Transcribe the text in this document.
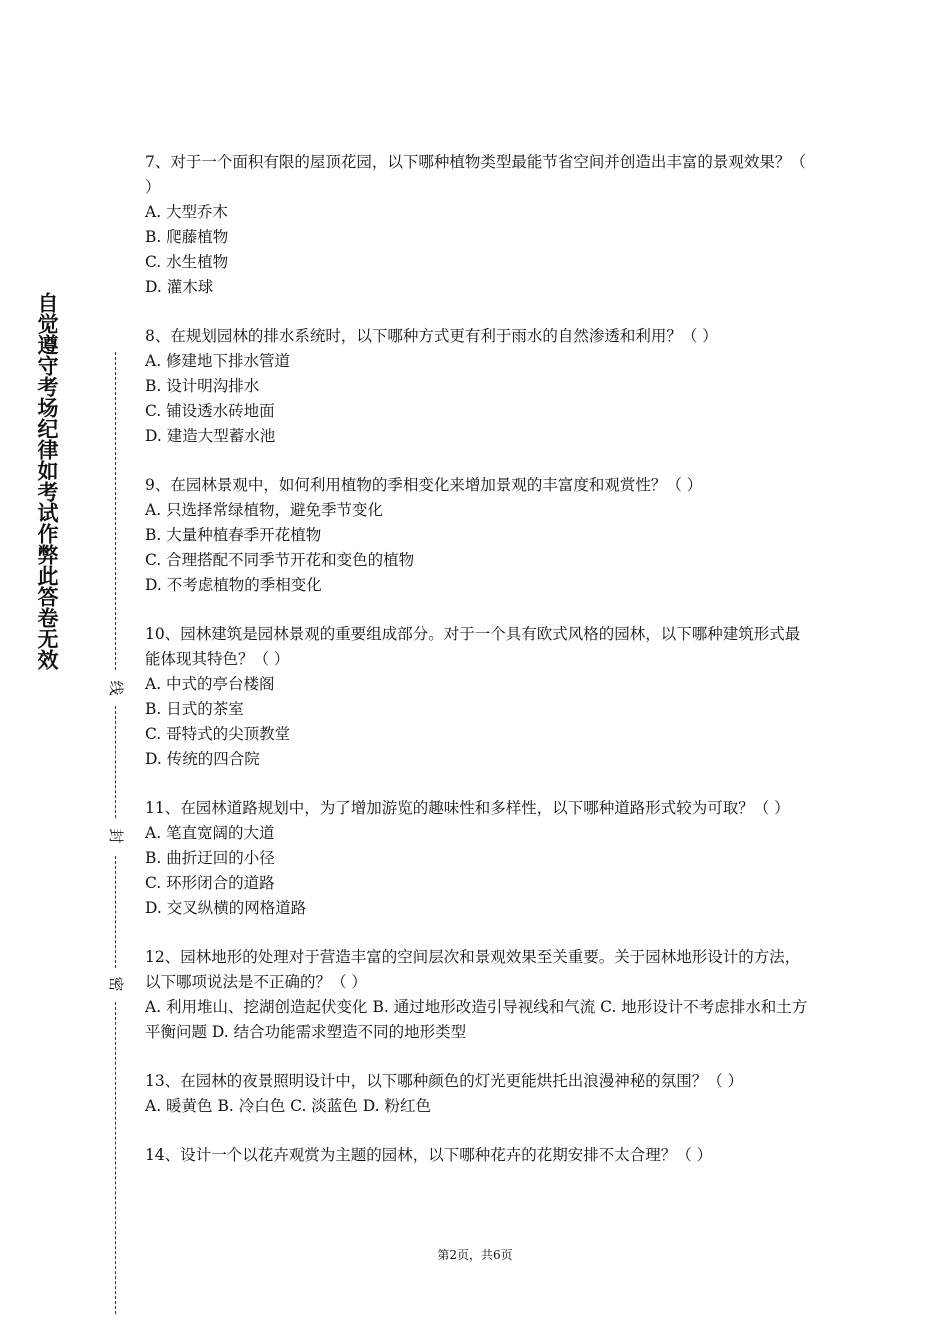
自觉遵守考场纪律如考试作弊此答卷无效
线
封
密
7、对于一个面积有限的屋顶花园，以下哪种植物类型最能节省空间并创造出丰富的景观效果？（ ）
A. 大型乔木
B. 爬藤植物
C. 水生植物
D. 灌木球
8、在规划园林的排水系统时，以下哪种方式更有利于雨水的自然渗透和利用？（ ）
A. 修建地下排水管道
B. 设计明沟排水
C. 铺设透水砖地面
D. 建造大型蓄水池
9、在园林景观中，如何利用植物的季相变化来增加景观的丰富度和观赏性？（ ）
A. 只选择常绿植物，避免季节变化
B. 大量种植春季开花植物
C. 合理搭配不同季节开花和变色的植物
D. 不考虑植物的季相变化
10、园林建筑是园林景观的重要组成部分。对于一个具有欧式风格的园林，以下哪种建筑形式最能体现其特色？（ ）
A. 中式的亭台楼阁
B. 日式的茶室
C. 哥特式的尖顶教堂
D. 传统的四合院
11、在园林道路规划中，为了增加游览的趣味性和多样性，以下哪种道路形式较为可取？（ ）
A. 笔直宽阔的大道
B. 曲折迂回的小径
C. 环形闭合的道路
D. 交叉纵横的网格道路
12、园林地形的处理对于营造丰富的空间层次和景观效果至关重要。关于园林地形设计的方法，以下哪项说法是不正确的？（ ）
A. 利用堆山、挖湖创造起伏变化 B. 通过地形改造引导视线和气流 C. 地形设计不考虑排水和土方平衡问题 D. 结合功能需求塑造不同的地形类型
13、在园林的夜景照明设计中，以下哪种颜色的灯光更能烘托出浪漫神秘的氛围？（ ）
A. 暖黄色 B. 冷白色 C. 淡蓝色 D. 粉红色
14、设计一个以花卉观赏为主题的园林，以下哪种花卉的花期安排不太合理？（ ）
第2页，共6页
